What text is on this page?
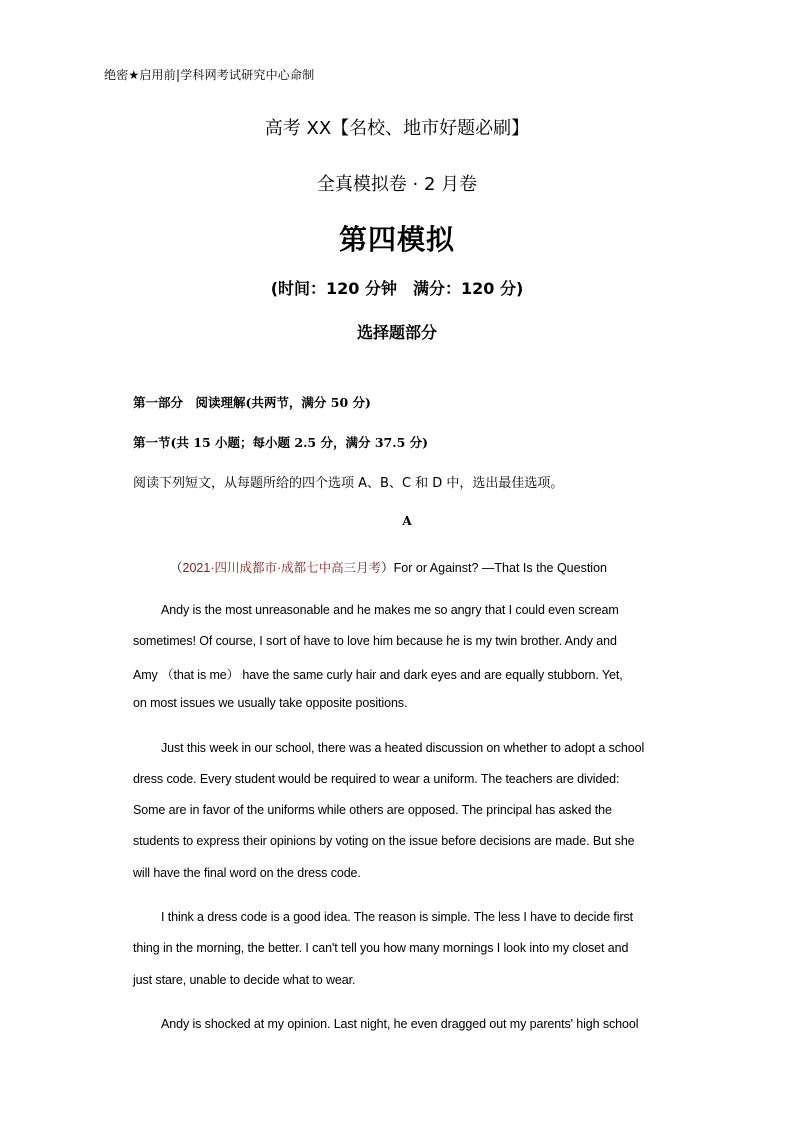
绝密★启用前|学科网考试研究中心命制
高考 XX【名校、地市好题必刷】
全真模拟卷 · 2 月卷
第四模拟
(时间：120 分钟　满分：120 分)
选择题部分
第一部分　阅读理解(共两节，满分 50 分)
第一节(共 15 小题；每小题 2.5 分，满分 37.5 分)
阅读下列短文，从每题所给的四个选项 A、B、C 和 D 中，选出最佳选项。
A
（2021·四川成都市·成都七中高三月考）For or Against? —That Is the Question
Andy is the most unreasonable and he makes me so angry that I could even scream
sometimes! Of course, I sort of have to love him because he is my twin brother. Andy and
Amy （that is me） have the same curly hair and dark eyes and are equally stubborn. Yet,
on most issues we usually take opposite positions.
Just this week in our school, there was a heated discussion on whether to adopt a school
dress code. Every student would be required to wear a uniform. The teachers are divided:
Some are in favor of the uniforms while others are opposed. The principal has asked the
students to express their opinions by voting on the issue before decisions are made. But she
will have the final word on the dress code.
I think a dress code is a good idea. The reason is simple. The less I have to decide first
thing in the morning, the better. I can't tell you how many mornings I look into my closet and
just stare, unable to decide what to wear.
Andy is shocked at my opinion. Last night, he even dragged out my parents' high school
